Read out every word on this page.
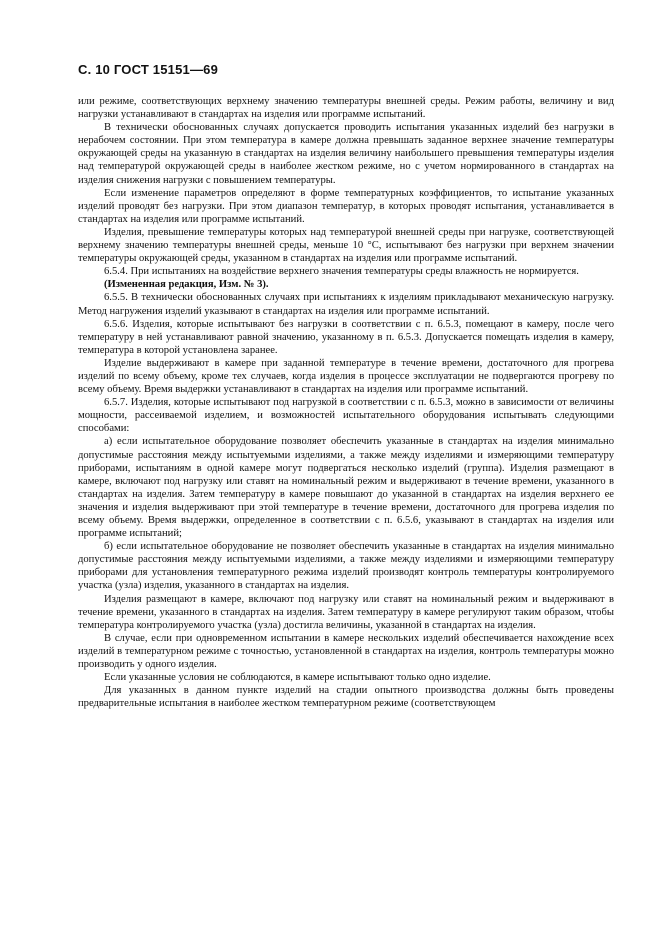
С. 10 ГОСТ 15151—69

или режиме, соответствующих верхнему значению температуры внешней среды. Режим работы, величину и вид нагрузки устанавливают в стандартах на изделия или программе испытаний.

В технически обоснованных случаях допускается проводить испытания указанных изделий без нагрузки в нерабочем состоянии. При этом температура в камере должна превышать заданное верхнее значение температуры окружающей среды на указанную в стандартах на изделия величину наибольшего превышения температуры изделия над температурой окружающей среды в наиболее жестком режиме, но с учетом нормированного в стандартах на изделия снижения нагрузки с повышением температуры.

Если изменение параметров определяют в форме температурных коэффициентов, то испытание указанных изделий проводят без нагрузки. При этом диапазон температур, в которых проводят испытания, устанавливается в стандартах на изделия или программе испытаний.

Изделия, превышение температуры которых над температурой внешней среды при нагрузке, соответствующей верхнему значению температуры внешней среды, меньше 10 °С, испытывают без нагрузки при верхнем значении температуры окружающей среды, указанном в стандартах на изделия или программе испытаний.

6.5.4. При испытаниях на воздействие верхнего значения температуры среды влажность не нормируется.

(Измененная редакция, Изм. № 3).

6.5.5. В технически обоснованных случаях при испытаниях к изделиям прикладывают механическую нагрузку. Метод нагружения изделий указывают в стандартах на изделия или программе испытаний.

6.5.6. Изделия, которые испытывают без нагрузки в соответствии с п. 6.5.3, помещают в камеру, после чего температуру в ней устанавливают равной значению, указанному в п. 6.5.3. Допускается помещать изделия в камеру, температура в которой установлена заранее.

Изделие выдерживают в камере при заданной температуре в течение времени, достаточного для прогрева изделий по всему объему, кроме тех случаев, когда изделия в процессе эксплуатации не подвергаются прогреву по всему объему. Время выдержки устанавливают в стандартах на изделия или программе испытаний.

6.5.7. Изделия, которые испытывают под нагрузкой в соответствии с п. 6.5.3, можно в зависимости от величины мощности, рассеиваемой изделием, и возможностей испытательного оборудования испытывать следующими способами:

а) если испытательное оборудование позволяет обеспечить указанные в стандартах на изделия минимально допустимые расстояния между испытуемыми изделиями, а также между изделиями и измеряющими температуру приборами, испытаниям в одной камере могут подвергаться несколько изделий (группа). Изделия размещают в камере, включают под нагрузку или ставят на номинальный режим и выдерживают в течение времени, указанного в стандартах на изделия. Затем температуру в камере повышают до указанной в стандартах на изделия верхнего ее значения и изделия выдерживают при этой температуре в течение времени, достаточного для прогрева изделия по всему объему. Время выдержки, определенное в соответствии с п. 6.5.6, указывают в стандартах на изделия или программе испытаний;

б) если испытательное оборудование не позволяет обеспечить указанные в стандартах на изделия минимально допустимые расстояния между испытуемыми изделиями, а также между изделиями и измеряющими температуру приборами для установления температурного режима изделий производят контроль температуры контролируемого участка (узла) изделия, указанного в стандартах на изделия.

Изделия размещают в камере, включают под нагрузку или ставят на номинальный режим и выдерживают в течение времени, указанного в стандартах на изделия. Затем температуру в камере регулируют таким образом, чтобы температура контролируемого участка (узла) достигла величины, указанной в стандартах на изделия.

В случае, если при одновременном испытании в камере нескольких изделий обеспечивается нахождение всех изделий в температурном режиме с точностью, установленной в стандартах на изделия, контроль температуры можно производить у одного изделия.

Если указанные условия не соблюдаются, в камере испытывают только одно изделие.

Для указанных в данном пункте изделий на стадии опытного производства должны быть проведены предварительные испытания в наиболее жестком температурном режиме (соответствующем
